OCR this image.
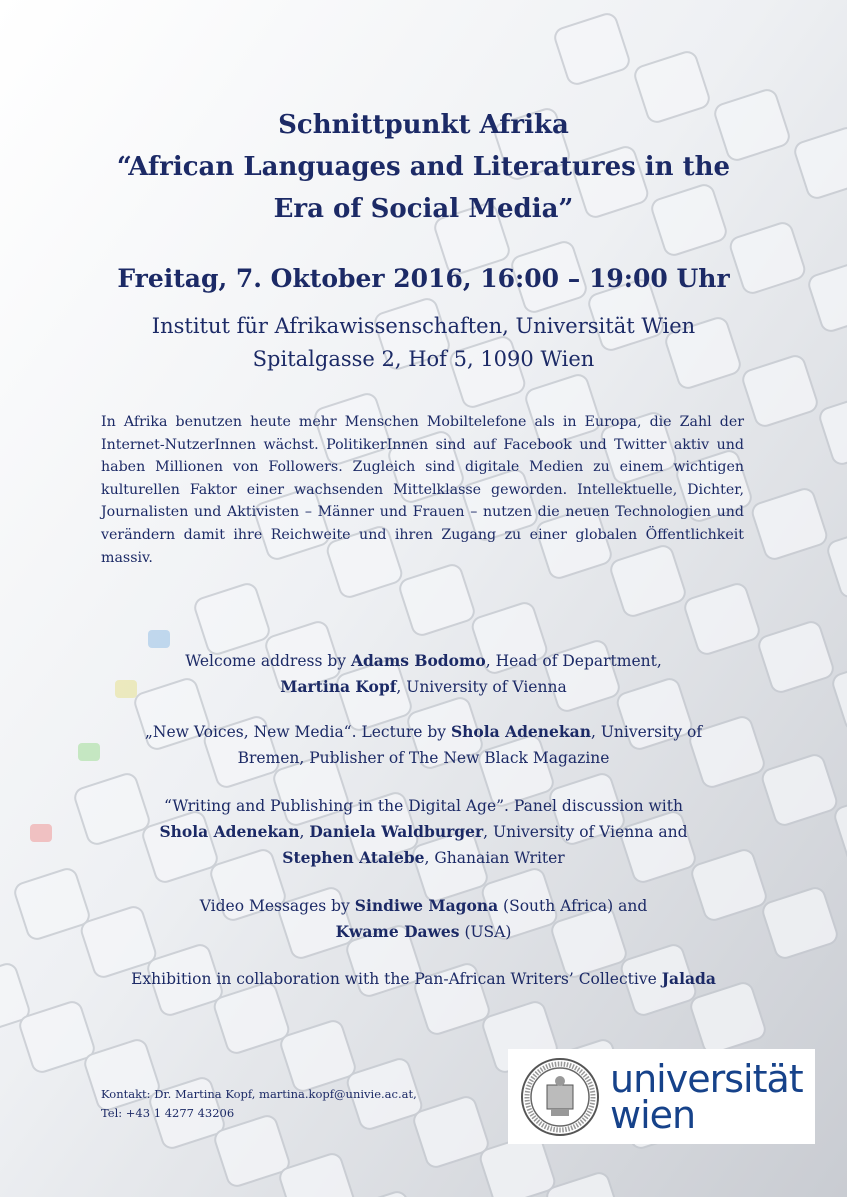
Schnittpunkt Afrika
“African Languages and Literatures in the
Era of Social Media”
Freitag, 7. Oktober 2016, 16:00 – 19:00 Uhr
Institut für Afrikawissenschaften, Universität Wien
Spitalgasse 2, Hof 5, 1090 Wien
In Afrika benutzen heute mehr Menschen Mobiltelefone als in Europa, die Zahl der Internet-NutzerInnen wächst. PolitikerInnen sind auf Facebook und Twitter aktiv und haben Millionen von Followers. Zugleich sind digitale Medien zu einem wichtigen kulturellen Faktor einer wachsenden Mittelklasse geworden. Intellektuelle, Dichter, Journalisten und Aktivisten – Männer und Frauen – nutzen die neuen Technologien und verändern damit ihre Reichweite und ihren Zugang zu einer globalen Öffentlichkeit massiv.
Welcome address by Adams Bodomo, Head of Department,
Martina Kopf, University of Vienna
„New Voices, New Media“. Lecture by Shola Adenekan, University of
Bremen, Publisher of The New Black Magazine
“Writing and Publishing in the Digital Age”. Panel discussion with
Shola Adenekan, Daniela Waldburger, University of Vienna and
Stephen Atalebe, Ghanaian Writer
Video Messages by Sindiwe Magona (South Africa) and
Kwame Dawes (USA)
Exhibition in collaboration with the Pan-African Writers’ Collective Jalada
Kontakt: Dr. Martina Kopf, martina.kopf@univie.ac.at,
Tel: +43 1 4277 43206
universität
wien
